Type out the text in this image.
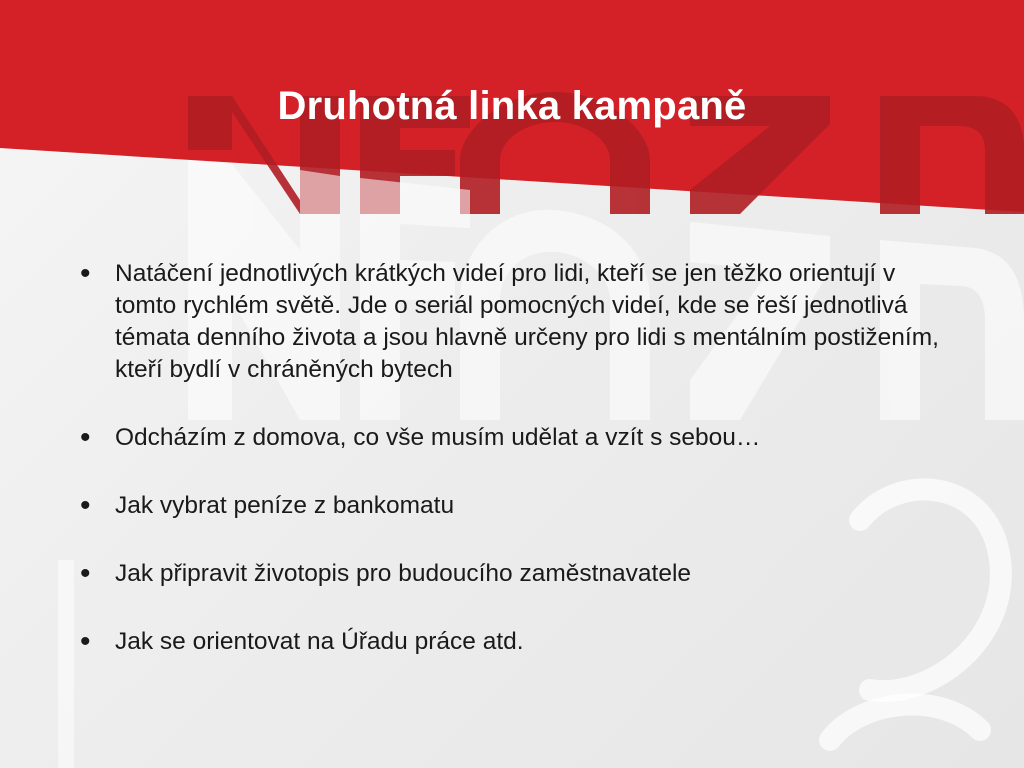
Druhotná linka kampaně
• Natáčení jednotlivých krátkých videí pro lidi, kteří se jen těžko orientují v tomto rychlém světě. Jde o seriál pomocných videí, kde se řeší jednotlivá témata denního života a jsou hlavně určeny pro lidi s mentálním postižením, kteří bydlí v chráněných bytech
• Odcházím z domova, co vše musím udělat a vzít s sebou…
• Jak vybrat peníze z bankomatu
• Jak připravit životopis pro budoucího zaměstnavatele
• Jak se orientovat na Úřadu práce atd.
